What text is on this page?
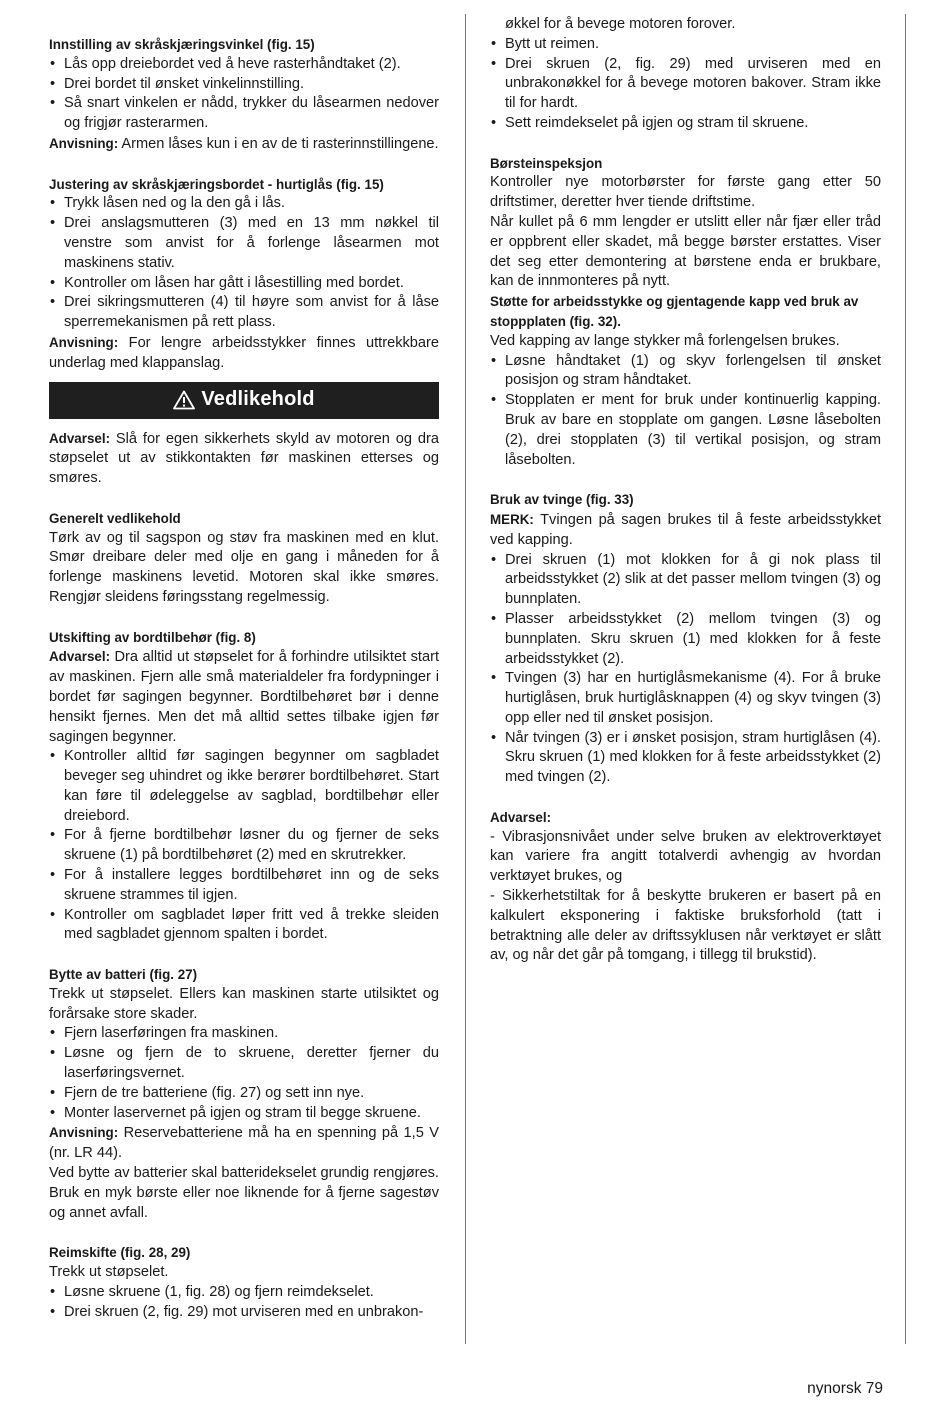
Innstilling av skråskjæringsvinkel (fig. 15)

• Lås opp dreiebordet ved å heve rasterhåndtaket (2).
• Drei bordet til ønsket vinkelinnstilling.
• Så snart vinkelen er nådd, trykker du låsearmen nedover og frigjør rasterarmen.

Anvisning: Armen låses kun i en av de ti rasterinnstillingene.

Justering av skråskjæringsbordet - hurtiglås (fig. 15)

• Trykk låsen ned og la den gå i lås.
• Drei anslagsmutteren (3) med en 13 mm nøkkel til venstre som anvist for å forlenge låsearmen mot maskinens stativ.
• Kontroller om låsen har gått i låsestilling med bordet.
• Drei sikringsmutteren (4) til høyre som anvist for å låse sperremekanismen på rett plass.

Anvisning: For lengre arbeidsstykker finnes uttrekkbare underlag med klappanslag.

Vedlikehold

Advarsel: Slå for egen sikkerhets skyld av motoren og dra støpselet ut av stikkontakten før maskinen etterses og smøres.

Generelt vedlikehold

Tørk av og til sagspon og støv fra maskinen med en klut. Smør dreibare deler med olje en gang i måneden for å forlenge maskinens levetid. Motoren skal ikke smøres. Rengjør sleidens føringsstang regelmessig.

Utskifting av bordtilbehør (fig. 8)

Advarsel: Dra alltid ut støpselet for å forhindre utilsiktet start av maskinen. Fjern alle små materialdeler fra fordypninger i bordet før sagingen begynner. Bordtilbehøret bør i denne hensikt fjernes. Men det må alltid settes tilbake igjen før sagingen begynner.

• Kontroller alltid før sagingen begynner om sagbladet beveger seg uhindret og ikke berører bordtilbehøret. Start kan føre til ødeleggelse av sagblad, bordtilbehør eller dreiebord.
• For å fjerne bordtilbehør løsner du og fjerner de seks skruene (1) på bordtilbehøret (2) med en skrutrekker.
• For å installere legges bordtilbehøret inn og de seks skruene strammes til igjen.
• Kontroller om sagbladet løper fritt ved å trekke sleiden med sagbladet gjennom spalten i bordet.

Bytte av batteri (fig. 27)

Trekk ut støpselet. Ellers kan maskinen starte utilsiktet og forårsake store skader.

• Fjern laserføringen fra maskinen.
• Løsne og fjern de to skruene, deretter fjerner du laserføringsvernet.
• Fjern de tre batteriene (fig. 27) og sett inn nye.
• Monter laservernet på igjen og stram til begge skruene.

Anvisning: Reservebatteriene må ha en spenning på 1,5 V (nr. LR 44).

Ved bytte av batterier skal batteridekselet grundig rengjøres. Bruk en myk børste eller noe liknende for å fjerne sagestøv og annet avfall.

Reimskifte (fig. 28, 29)

Trekk ut støpselet.

• Løsne skruene (1, fig. 28) og fjern reimdekselet.
• Drei skruen (2, fig. 29) mot urviseren med en unbrakon-

økkel for å bevege motoren forover.

• Bytt ut reimen.
• Drei skruen (2, fig. 29) med urviseren med en unbrakonøkkel for å bevege motoren bakover. Stram ikke til for hardt.
• Sett reimdekselet på igjen og stram til skruene.

Børsteinspeksjon

Kontroller nye motorbørster for første gang etter 50 driftstimer, deretter hver tiende driftstime.

Når kullet på 6 mm lengder er utslitt eller når fjær eller tråd er oppbrent eller skadet, må begge børster erstattes. Viser det seg etter demontering at børstene enda er brukbare, kan de innmonteres på nytt.

Støtte for arbeidsstykke og gjentagende kapp ved bruk av stoppplaten (fig. 32).

Ved kapping av lange stykker må forlengelsen brukes.

• Løsne håndtaket (1) og skyv forlengelsen til ønsket posisjon og stram håndtaket.
• Stopplaten er ment for bruk under kontinuerlig kapping. Bruk av bare en stopplate om gangen. Løsne låsebolten (2), drei stopplaten (3) til vertikal posisjon, og stram låsebolten.

Bruk av tvinge (fig. 33)

MERK: Tvingen på sagen brukes til å feste arbeidsstykket ved kapping.

• Drei skruen (1) mot klokken for å gi nok plass til arbeidsstykket (2) slik at det passer mellom tvingen (3) og bunnplaten.
• Plasser arbeidsstykket (2) mellom tvingen (3) og bunnplaten. Skru skruen (1) med klokken for å feste arbeidsstykket (2).
• Tvingen (3) har en hurtiglåsmekanisme (4). For å bruke hurtiglåsen, bruk hurtiglåsknappen (4) og skyv tvingen (3) opp eller ned til ønsket posisjon.
• Når tvingen (3) er i ønsket posisjon, stram hurtiglåsen (4). Skru skruen (1) med klokken for å feste arbeidsstykket (2) med tvingen (2).

Advarsel:

- Vibrasjonsnivået under selve bruken av elektroverktøyet kan variere fra angitt totalverdi avhengig av hvordan verktøyet brukes, og

- Sikkerhetstiltak for å beskytte brukeren er basert på en kalkulert eksponering i faktiske bruksforhold (tatt i betraktning alle deler av driftssyklusen når verktøyet er slått av, og når det går på tomgang, i tillegg til brukstid).

nynorsk 79
